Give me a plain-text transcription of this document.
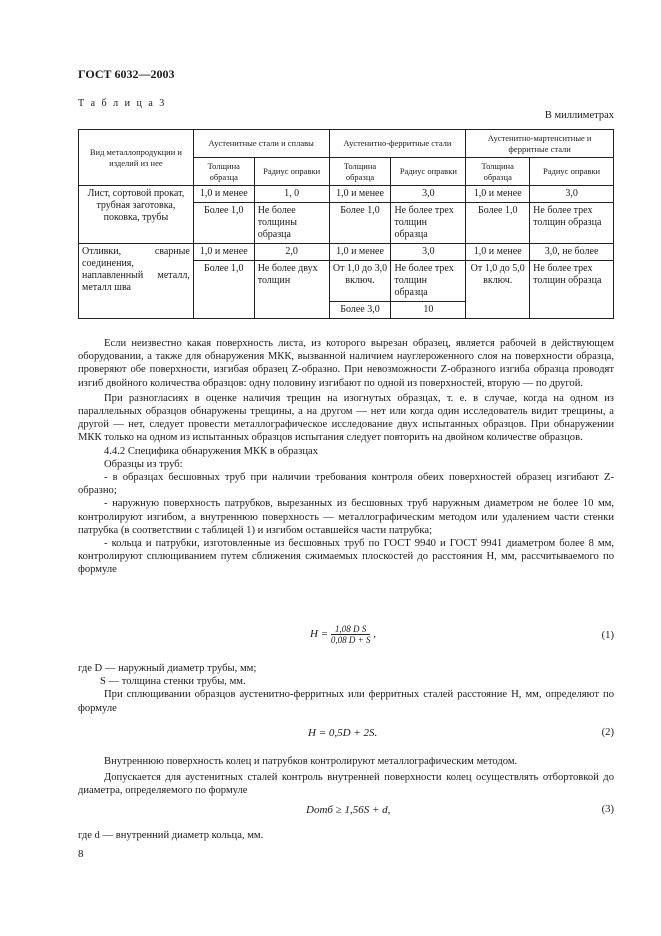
ГОСТ 6032—2003
Т а б л и ц а 3
В миллиметрах
Вид металлопродукции и изделий из нее	Аустенитные стали и сплавы		Аустенитно-ферритные стали		Аустенитно-мартенситные и ферритные стали	
	Толщина образца	Радиус оправки	Толщина образца	Радиус оправки	Толщина образца	Радиус оправки
Лист, сортовой прокат, трубная заготовка, поковка, трубы	1,0 и менее	1, 0	1,0 и менее	3,0	1,0 и менее	3,0
	Более 1,0	Не более толщины образца	Более 1,0	Не более трех толщин образца	Более 1,0	Не более трех толщин образца
Отливки, сварные соединения, наплавленный металл, металл шва	1,0 и менее	2,0	1,0 и менее	3,0	1,0 и менее	3,0, не более
	Более 1,0	Не более двух толщин	От 1,0 до 3,0 включ.	Не более трех толщин образца	От 1,0 до 5,0 включ.	Не более трех толщин образца
			Более 3,0	10		

Если неизвестно какая поверхность листа, из которого вырезан образец, является рабочей в действующем оборудовании, а также для обнаружения МКК, вызванной наличием науглероженного слоя на поверхности образца, проверяют обе поверхности, изгибая образец Z-образно. При невозможности Z-образного изгиба образца проводят изгиб двойного количества образцов: одну половину изгибают по одной из поверхностей, вторую — по другой.

При разногласиях в оценке наличия трещин на изогнутых образцах, т. е. в случае, когда на одном из параллельных образцов обнаружены трещины, а на другом — нет или когда один исследователь видит трещины, а другой — нет, следует провести металлографическое исследование двух испытанных образцов. При обнаружении МКК только на одном из испытанных образцов испытания следует повторить на двойном количестве образцов.

4.4.2 Специфика обнаружения МКК в образцах

Образцы из труб:

- в образцах бесшовных труб при наличии требования контроля обеих поверхностей образец изгибают Z-образно;

- наружную поверхность патрубков, вырезанных из бесшовных труб наружным диаметром не более 10 мм, контролируют изгибом, а внутреннюю поверхность — металлографическим методом или удалением части стенки патрубка (в соответствии с таблицей 1) и изгибом оставшейся части патрубка;

- кольца и патрубки, изготовленные из бесшовных труб по ГОСТ 9940 и ГОСТ 9941 диаметром более 8 мм, контролируют сплющиванием путем сближения сжимаемых плоскостей до расстояния H, мм, рассчитываемого по формуле

$H = \frac{\text{1,08 D S}}{0,08 D + S}$ ,	(1)

где D — наружный диаметр трубы, мм;

S — толщина стенки трубы, мм.

При сплющивании образцов аустенитно-ферритных или ферритных сталей расстояние H, мм, определяют по формуле

H = 0,5D + 2S.	(2)

Внутреннюю поверхность колец и патрубков контролируют металлографическим методом.

Допускается для аустенитных сталей контроль внутренней поверхности колец осуществлять отбортовкой до диаметра, определяемого по формуле

Dотб ≥ 1,56S + d,	(3)

где d — внутренний диаметр кольца, мм.

8
